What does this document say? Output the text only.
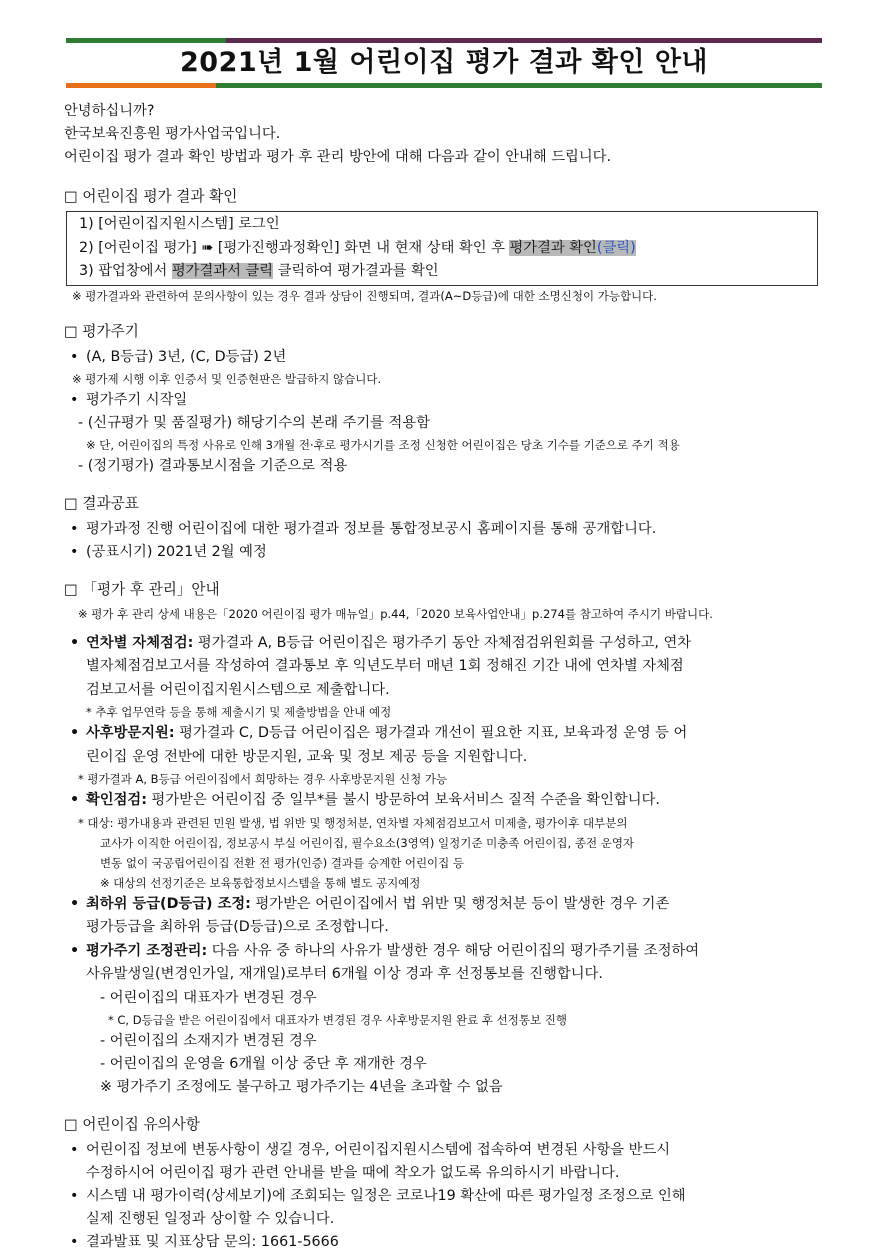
2021년 1월 어린이집 평가 결과 확인 안내

안녕하십니까?

한국보육진흥원 평가사업국입니다.

어린이집 평가 결과 확인 방법과 평가 후 관리 방안에 대해 다음과 같이 안내해 드립니다.

□ 어린이집 평가 결과 확인

1) [어린이집지원시스템] 로그인

2) [어린이집 평가] ➠ [평가진행과정확인] 화면 내 현재 상태 확인 후 평가결과 확인(클릭)

3) 팝업창에서 평가결과서 클릭 클릭하여 평가결과를 확인

※ 평가결과와 관련하여 문의사항이 있는 경우 결과 상담이 진행되며, 결과(A~D등급)에 대한 소명신청이 가능합니다.

□ 평가주기

• (A, B등급) 3년, (C, D등급) 2년

※ 평가제 시행 이후 인증서 및 인증현판은 발급하지 않습니다.

• 평가주기 시작일

- (신규평가 및 품질평가) 해당기수의 본래 주기를 적용함

※ 단, 어린이집의 특정 사유로 인해 3개월 전·후로 평가시기를 조정 신청한 어린이집은 당초 기수를 기준으로 주기 적용

- (정기평가) 결과통보시점을 기준으로 적용

□ 결과공표

• 평가과정 진행 어린이집에 대한 평가결과 정보를 통합정보공시 홈페이지를 통해 공개합니다.

• (공표시기) 2021년 2월 예정

□ 「평가 후 관리」안내

※ 평가 후 관리 상세 내용은「2020 어린이집 평가 매뉴얼」p.44,「2020 보육사업안내」p.274를 참고하여 주시기 바랍니다.

• 연차별 자체점검: 평가결과 A, B등급 어린이집은 평가주기 동안 자체점검위원회를 구성하고, 연차

별자체점검보고서를 작성하여 결과통보 후 익년도부터 매년 1회 정해진 기간 내에 연차별 자체점

검보고서를 어린이집지원시스템으로 제출합니다.

* 추후 업무연락 등을 통해 제출시기 및 제출방법을 안내 예정

• 사후방문지원: 평가결과 C, D등급 어린이집은 평가결과 개선이 필요한 지표, 보육과정 운영 등 어

린이집 운영 전반에 대한 방문지원, 교육 및 정보 제공 등을 지원합니다.

* 평가결과 A, B등급 어린이집에서 희망하는 경우 사후방문지원 신청 가능

• 확인점검: 평가받은 어린이집 중 일부*를 불시 방문하여 보육서비스 질적 수준을 확인합니다.

* 대상: 평가내용과 관련된 민원 발생, 법 위반 및 행정처분, 연차별 자체점검보고서 미제출, 평가이후 대부분의

교사가 이직한 어린이집, 정보공시 부실 어린이집, 필수요소(3영역) 일정기준 미충족 어린이집, 종전 운영자

변동 없이 국공립어린이집 전환 전 평가(인증) 결과를 승계한 어린이집 등

※ 대상의 선정기준은 보육통합정보시스템을 통해 별도 공지예정

• 최하위 등급(D등급) 조정: 평가받은 어린이집에서 법 위반 및 행정처분 등이 발생한 경우 기존

평가등급을 최하위 등급(D등급)으로 조정합니다.

• 평가주기 조정관리: 다음 사유 중 하나의 사유가 발생한 경우 해당 어린이집의 평가주기를 조정하여

사유발생일(변경인가일, 재개일)로부터 6개월 이상 경과 후 선정통보를 진행합니다.

- 어린이집의 대표자가 변경된 경우

* C, D등급을 받은 어린이집에서 대표자가 변경된 경우 사후방문지원 완료 후 선정통보 진행

- 어린이집의 소재지가 변경된 경우

- 어린이집의 운영을 6개월 이상 중단 후 재개한 경우

※ 평가주기 조정에도 불구하고 평가주기는 4년을 초과할 수 없음

□ 어린이집 유의사항

• 어린이집 정보에 변동사항이 생길 경우, 어린이집지원시스템에 접속하여 변경된 사항을 반드시

수정하시어 어린이집 평가 관련 안내를 받을 때에 착오가 없도록 유의하시기 바랍니다.

• 시스템 내 평가이력(상세보기)에 조회되는 일정은 코로나19 확산에 따른 평가일정 조정으로 인해

실제 진행된 일정과 상이할 수 있습니다.

• 결과발표 및 지표상담 문의: 1661-5666
